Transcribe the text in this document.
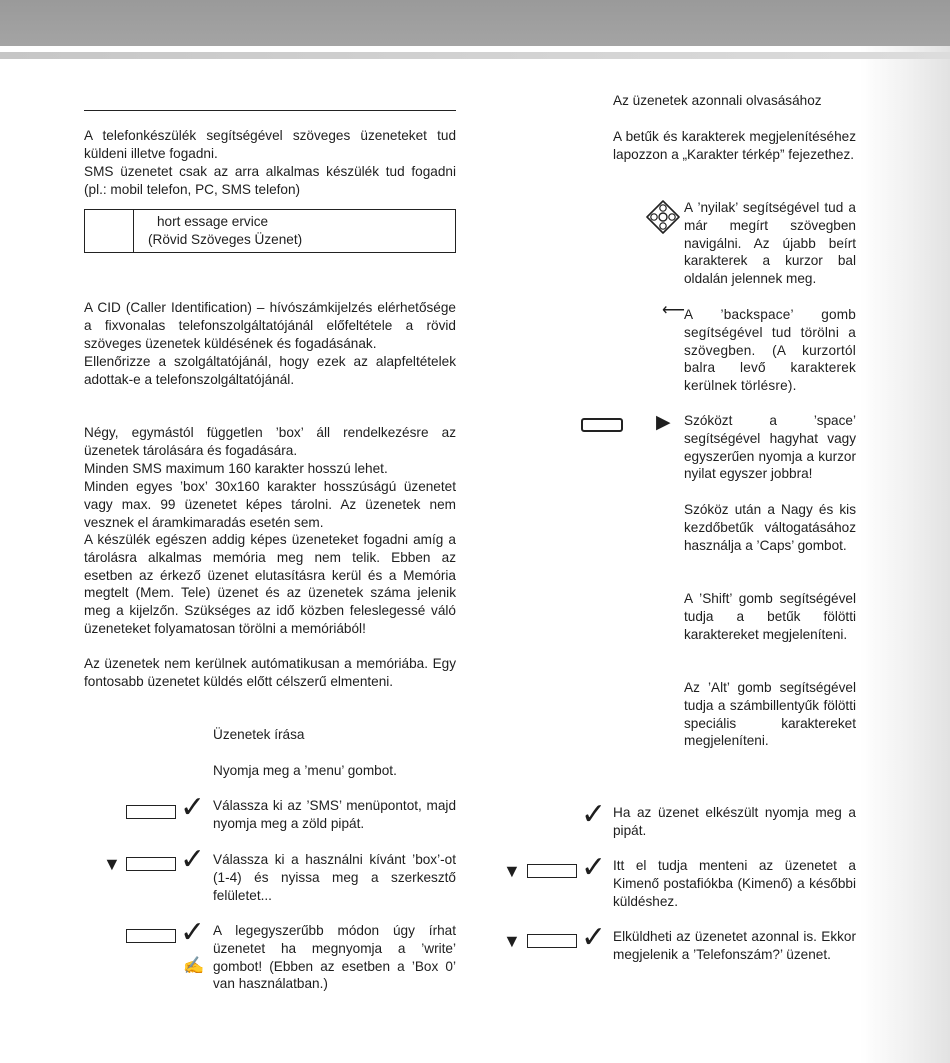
A telefonkészülék segítségével szöveges üzeneteket tud küldeni illetve fogadni.

SMS üzenetet csak az arra alkalmas készülék tud fogadni (pl.: mobil telefon, PC, SMS telefon)

hort essage ervice
(Rövid Szöveges Üzenet)

A CID (Caller Identification) – hívószámkijelzés elérhetősége a fixvonalas telefonszolgáltatójánál előfeltétele a rövid szöveges üzenetek küldésének és fogadásának.

Ellenőrizze a szolgáltatójánál, hogy ezek az alapfeltételek adottak-e a telefonszolgáltatójánál.

Négy, egymástól független ’box’ áll rendelkezésre az üzenetek tárolására és fogadására.

Minden SMS maximum 160 karakter hosszú lehet.

Minden egyes ’box’ 30x160 karakter hosszúságú üzenetet vagy max. 99 üzenetet képes tárolni. Az üzenetek nem vesznek el áramkimaradás esetén sem.

A készülék egészen addig képes üzeneteket fogadni amíg a tárolásra alkalmas memória meg nem telik. Ebben az esetben az érkező üzenet elutasításra kerül és a Memória megtelt (Mem. Tele) üzenet és az üzenetek száma jelenik meg a kijelzőn. Szükséges az idő közben feleslegessé váló üzeneteket folyamatosan törölni a memóriából!

Az üzenetek nem kerülnek autómatikusan a memóriába. Egy fontosabb üzenetet küldés előtt célszerű elmenteni.

Üzenetek írása

Nyomja meg a ’menu’ gombot.

✓ Válassza ki az ’SMS’ menüpontot, majd nyomja meg a zöld pipát.

▼ ✓ Válassza ki a használni kívánt ’box’-ot (1-4) és nyissa meg a szerkesztő felületet...

✓
✍

A legegyszerűbb módon úgy írhat üzenetet ha megnyomja a ’write’ gombot! (Ebben az esetben a ’Box 0’ van használatban.)

Az üzenetek azonnali olvasásához

A betűk és karakterek megjelenítéséhez lapozzon a „Karakter térkép” fejezethez.

A ’nyilak’ segítségével tud a már megírt szövegben navigálni. Az újabb beírt karakterek a kurzor bal oldalán jelennek meg.

⟵ A ’backspace’ gomb segítségével tud törölni a szövegben. (A kurzortól balra levő karakterek kerülnek törlésre).

▶ Szóközt a ’space’ segítségével hagyhat vagy egyszerűen nyomja a kurzor nyilat egyszer jobbra!

Szóköz után a Nagy és kis kezdőbetűk váltogatásához használja a ’Caps’ gombot.

A ’Shift’ gomb segítségével tudja a betűk fölötti karaktereket megjeleníteni.

Az ’Alt’ gomb segítségével tudja a számbillentyűk fölötti speciális karaktereket megjeleníteni.

✓ Ha az üzenet elkészült nyomja meg a pipát.

▼ ✓ Itt el tudja menteni az üzenetet a Kimenő postafiókba (Kimenő) a későbbi küldéshez.

▼ ✓ Elküldheti az üzenetet azonnal is. Ekkor megjelenik a ’Telefonszám?’ üzenet.
